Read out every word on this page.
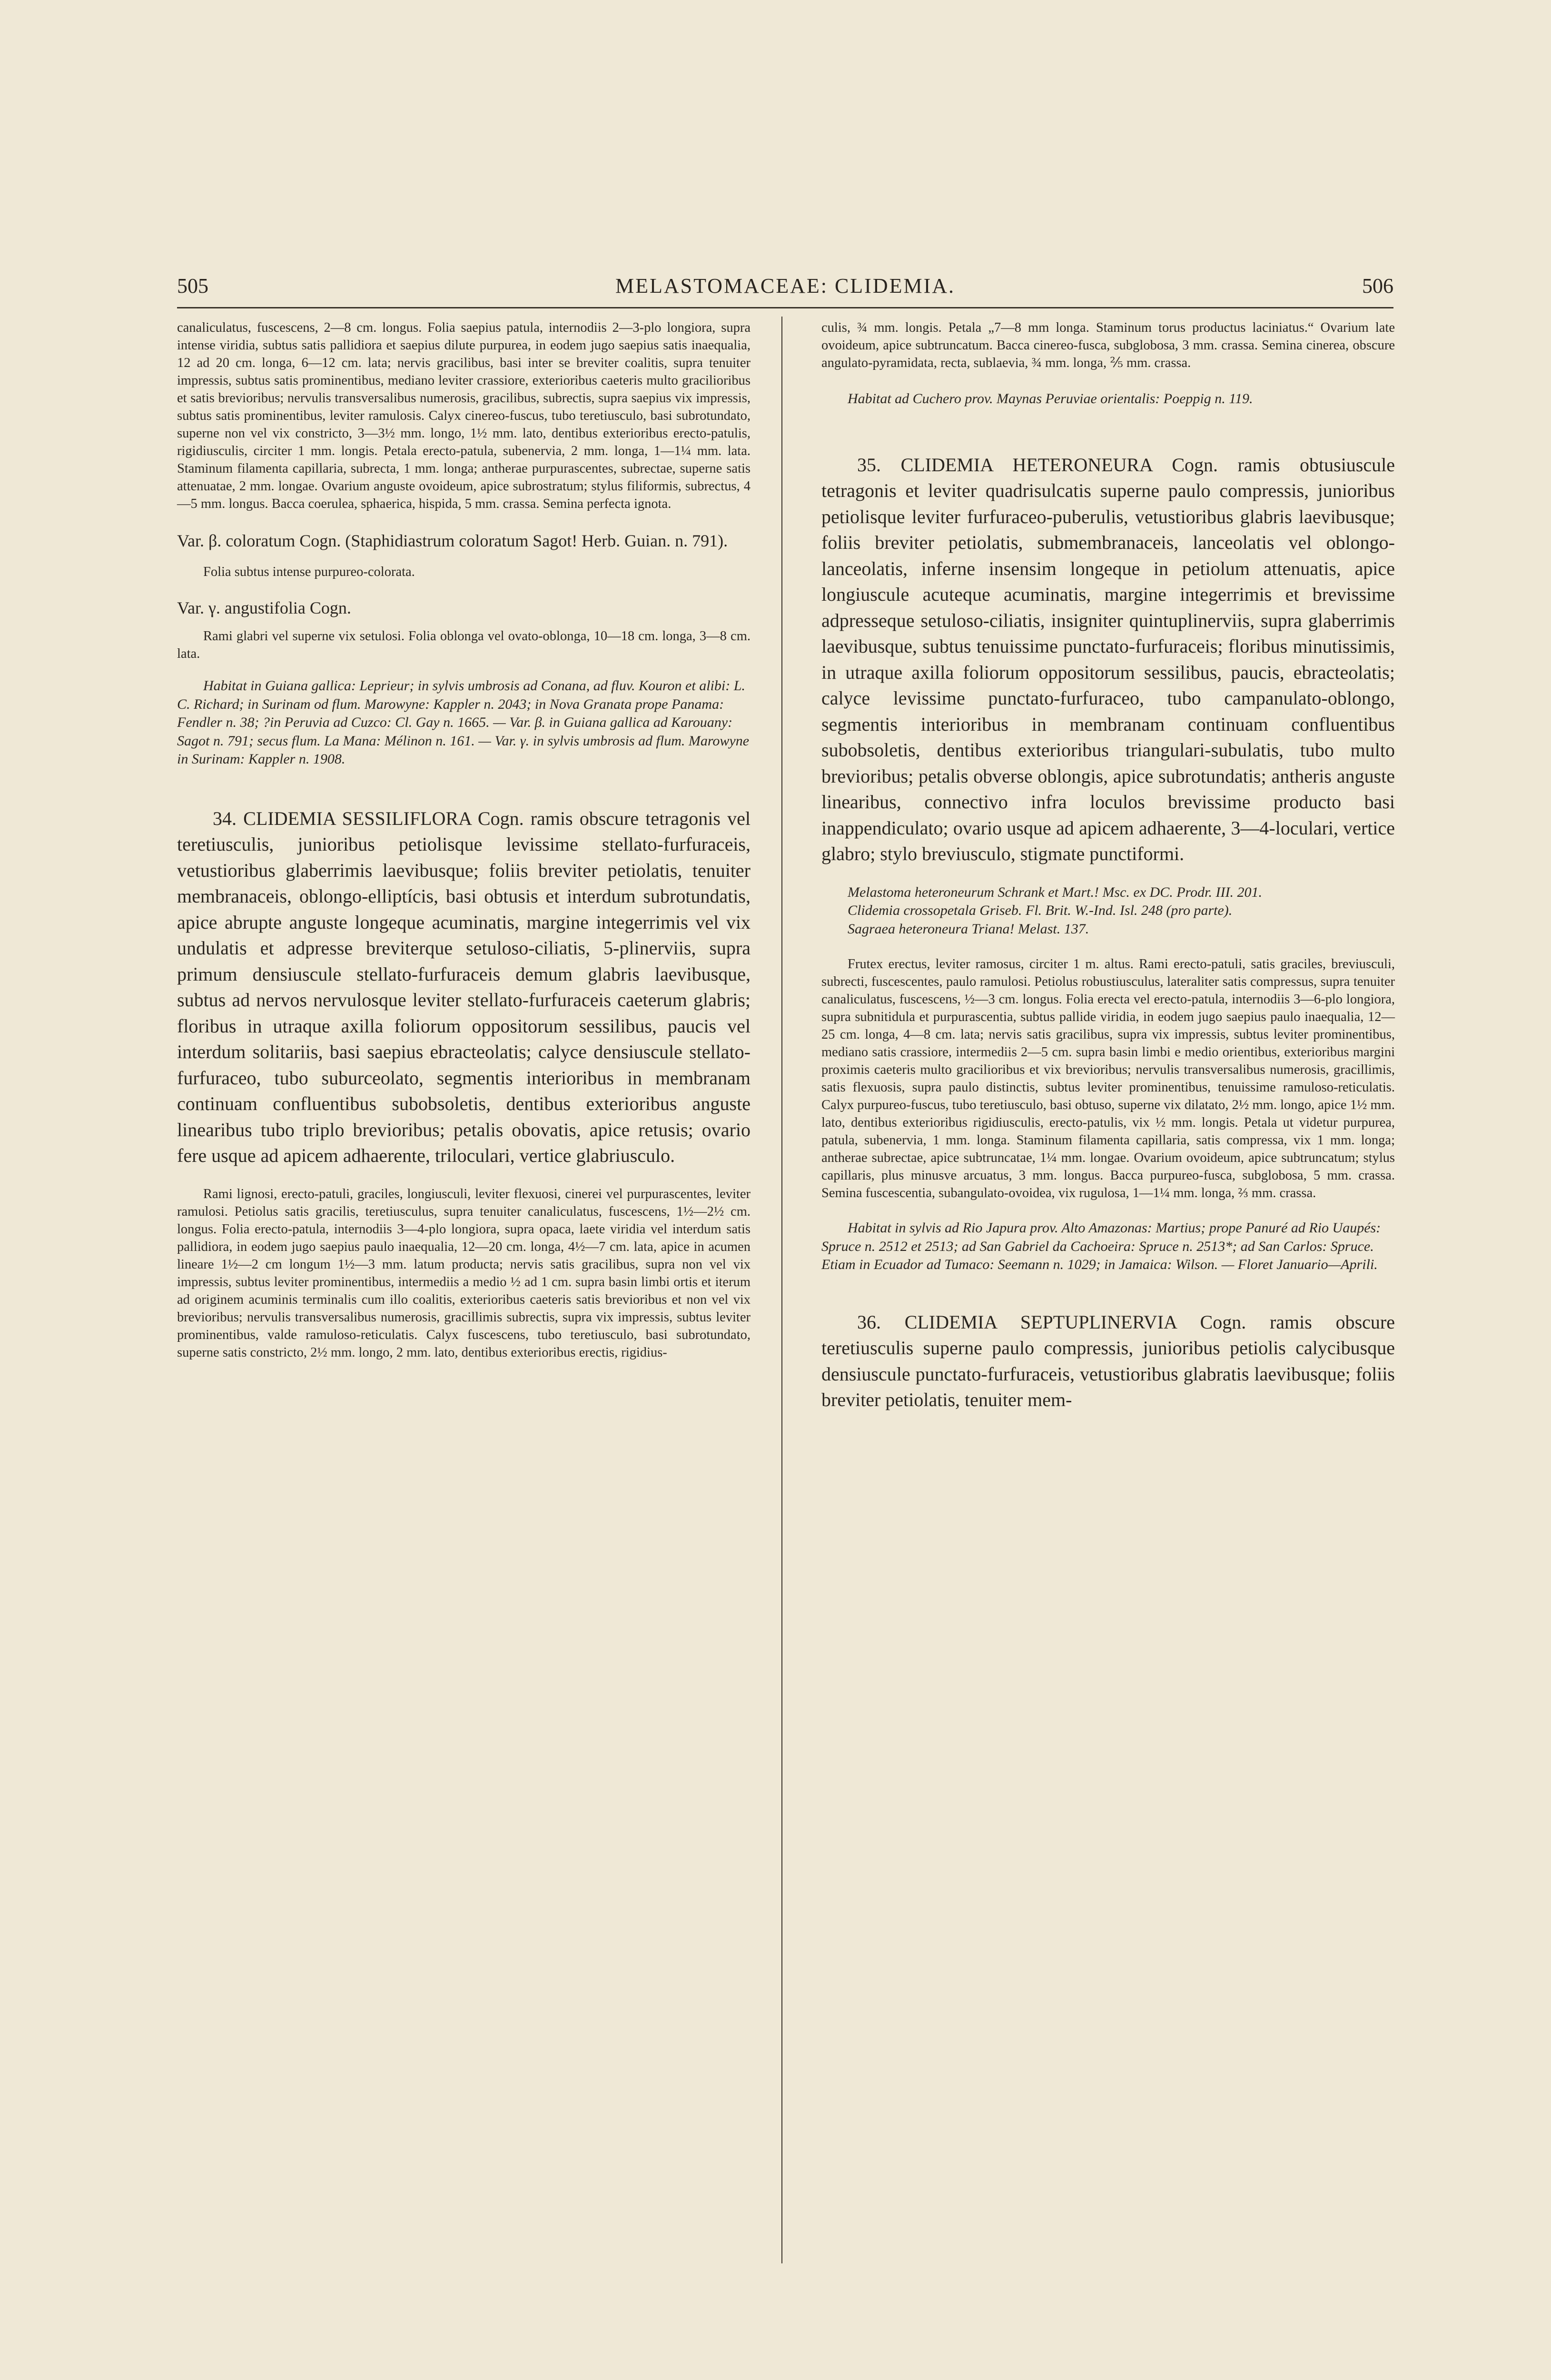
505	MELASTOMACEAE: CLIDEMIA.	506

canaliculatus, fuscescens, 2—8 cm. longus. Folia saepius patula, internodiis 2—3-plo longiora, supra intense viridia, subtus satis pallidiora et saepius dilute purpurea, in eodem jugo saepius satis inaequalia, 12 ad 20 cm. longa, 6—12 cm. lata; nervis gracilibus, basi inter se breviter coalitis, supra tenuiter impressis, subtus satis prominentibus, mediano leviter crassiore, exterioribus caeteris multo gracilioribus et satis brevioribus; nervulis transversalibus numerosis, gracilibus, subrectis, supra saepius vix impressis, subtus satis prominentibus, leviter ramulosis. Calyx cinereo-fuscus, tubo teretiusculo, basi subrotundato, superne non vel vix constricto, 3—3½ mm. longo, 1½ mm. lato, dentibus exterioribus erecto-patulis, rigidiusculis, circiter 1 mm. longis. Petala erecto-patula, subenervia, 2 mm. longa, 1—1¼ mm. lata. Staminum filamenta capillaria, subrecta, 1 mm. longa; antherae purpurascentes, subrectae, superne satis attenuatae, 2 mm. longae. Ovarium anguste ovoideum, apice subrostratum; stylus filiformis, subrectus, 4—5 mm. longus. Bacca coerulea, sphaerica, hispida, 5 mm. crassa. Semina perfecta ignota.

Var. β. coloratum Cogn. (Staphidiastrum coloratum Sagot! Herb. Guian. n. 791).

Folia subtus intense purpureo-colorata.

Var. γ. angustifolia Cogn.

Rami glabri vel superne vix setulosi. Folia oblonga vel ovato-oblonga, 10—18 cm. longa, 3—8 cm. lata.

Habitat in Guiana gallica: Leprieur; in sylvis umbrosis ad Conana, ad fluv. Kouron et alibi: L. C. Richard; in Surinam od flum. Marowyne: Kappler n. 2043; in Nova Granata prope Panama: Fendler n. 38; ?in Peruvia ad Cuzco: Cl. Gay n. 1665. — Var. β. in Guiana gallica ad Karouany: Sagot n. 791; secus flum. La Mana: Mélinon n. 161. — Var. γ. in sylvis umbrosis ad flum. Marowyne in Surinam: Kappler n. 1908.

34. CLIDEMIA SESSILIFLORA Cogn. ramis obscure tetragonis vel teretiusculis, junioribus petiolisque levissime stellato-furfuraceis, vetustioribus glaberrimis laevibusque; foliis breviter petiolatis, tenuiter membranaceis, oblongo-elliptícis, basi obtusis et interdum subrotundatis, apice abrupte anguste longeque acuminatis, margine integerrimis vel vix undulatis et adpresse breviterque setuloso-ciliatis, 5-plinerviis, supra primum densiuscule stellato-furfuraceis demum glabris laevibusque, subtus ad nervos nervulosque leviter stellato-furfuraceis caeterum glabris; floribus in utraque axilla foliorum oppositorum sessilibus, paucis vel interdum solitariis, basi saepius ebracteolatis; calyce densiuscule stellato-furfuraceo, tubo suburceolato, segmentis interioribus in membranam continuam confluentibus subobsoletis, dentibus exterioribus anguste linearibus tubo triplo brevioribus; petalis obovatis, apice retusis; ovario fere usque ad apicem adhaerente, triloculari, vertice glabriusculo.

Rami lignosi, erecto-patuli, graciles, longiusculi, leviter flexuosi, cinerei vel purpurascentes, leviter ramulosi. Petiolus satis gracilis, teretiusculus, supra tenuiter canaliculatus, fuscescens, 1½—2½ cm. longus. Folia erecto-patula, internodiis 3—4-plo longiora, supra opaca, laete viridia vel interdum satis pallidiora, in eodem jugo saepius paulo inaequalia, 12—20 cm. longa, 4½—7 cm. lata, apice in acumen lineare 1½—2 cm longum 1½—3 mm. latum producta; nervis satis gracilibus, supra non vel vix impressis, subtus leviter prominentibus, intermediis a medio ½ ad 1 cm. supra basin limbi ortis et iterum ad originem acuminis terminalis cum illo coalitis, exterioribus caeteris satis brevioribus et non vel vix brevioribus; nervulis transversalibus numerosis, gracillimis subrectis, supra vix impressis, subtus leviter prominentibus, valde ramuloso-reticulatis. Calyx fuscescens, tubo teretiusculo, basi subrotundato, superne satis constricto, 2½ mm. longo, 2 mm. lato, dentibus exterioribus erectis, rigidius-

culis, ¾ mm. longis. Petala „7—8 mm longa. Staminum torus productus laciniatus.“ Ovarium late ovoideum, apice subtruncatum. Bacca cinereo-fusca, subglobosa, 3 mm. crassa. Semina cinerea, obscure angulato-pyramidata, recta, sublaevia, ¾ mm. longa, ⅖ mm. crassa.

Habitat ad Cuchero prov. Maynas Peruviae orientalis: Poeppig n. 119.

35. CLIDEMIA HETERONEURA Cogn. ramis obtusiuscule tetragonis et leviter quadrisulcatis superne paulo compressis, junioribus petiolisque leviter furfuraceo-puberulis, vetustioribus glabris laevibusque; foliis breviter petiolatis, submembranaceis, lanceolatis vel oblongo-lanceolatis, inferne insensim longeque in petiolum attenuatis, apice longiuscule acuteque acuminatis, margine integerrimis et brevissime adpresseque setuloso-ciliatis, insigniter quintuplinerviis, supra glaberrimis laevibusque, subtus tenuissime punctato-furfuraceis; floribus minutissimis, in utraque axilla foliorum oppositorum sessilibus, paucis, ebracteolatis; calyce levissime punctato-furfuraceo, tubo campanulato-oblongo, segmentis interioribus in membranam continuam confluentibus subobsoletis, dentibus exterioribus triangulari-subulatis, tubo multo brevioribus; petalis obverse oblongis, apice subrotundatis; antheris anguste linearibus, connectivo infra loculos brevissime producto basi inappendiculato; ovario usque ad apicem adhaerente, 3—4-loculari, vertice glabro; stylo breviusculo, stigmate punctiformi.

Melastoma heteroneurum Schrank et Mart.! Msc. ex DC. Prodr. III. 201.

Clidemia crossopetala Griseb. Fl. Brit. W.-Ind. Isl. 248 (pro parte).

Sagraea heteroneura Triana! Melast. 137.

Frutex erectus, leviter ramosus, circiter 1 m. altus. Rami erecto-patuli, satis graciles, breviusculi, subrecti, fuscescentes, paulo ramulosi. Petiolus robustiusculus, lateraliter satis compressus, supra tenuiter canaliculatus, fuscescens, ½—3 cm. longus. Folia erecta vel erecto-patula, internodiis 3—6-plo longiora, supra subnitidula et purpurascentia, subtus pallide viridia, in eodem jugo saepius paulo inaequalia, 12—25 cm. longa, 4—8 cm. lata; nervis satis gracilibus, supra vix impressis, subtus leviter prominentibus, mediano satis crassiore, intermediis 2—5 cm. supra basin limbi e medio orientibus, exterioribus margini proximis caeteris multo gracilioribus et vix brevioribus; nervulis transversalibus numerosis, gracillimis, satis flexuosis, supra paulo distinctis, subtus leviter prominentibus, tenuissime ramuloso-reticulatis. Calyx purpureo-fuscus, tubo teretiusculo, basi obtuso, superne vix dilatato, 2½ mm. longo, apice 1½ mm. lato, dentibus exterioribus rigidiusculis, erecto-patulis, vix ½ mm. longis. Petala ut videtur purpurea, patula, subenervia, 1 mm. longa. Staminum filamenta capillaria, satis compressa, vix 1 mm. longa; antherae subrectae, apice subtruncatae, 1¼ mm. longae. Ovarium ovoideum, apice subtruncatum; stylus capillaris, plus minusve arcuatus, 3 mm. longus. Bacca purpureo-fusca, subglobosa, 5 mm. crassa. Semina fuscescentia, subangulato-ovoidea, vix rugulosa, 1—1¼ mm. longa, ⅔ mm. crassa.

Habitat in sylvis ad Rio Japura prov. Alto Amazonas: Martius; prope Panuré ad Rio Uaupés: Spruce n. 2512 et 2513; ad San Gabriel da Cachoeira: Spruce n. 2513*; ad San Carlos: Spruce. Etiam in Ecuador ad Tumaco: Seemann n. 1029; in Jamaica: Wilson. — Floret Januario—Aprili.

36. CLIDEMIA SEPTUPLINERVIA Cogn. ramis obscure teretiusculis superne paulo compressis, junioribus petiolis calycibusque densiuscule punctato-furfuraceis, vetustioribus glabratis laevibusque; foliis breviter petiolatis, tenuiter mem-
